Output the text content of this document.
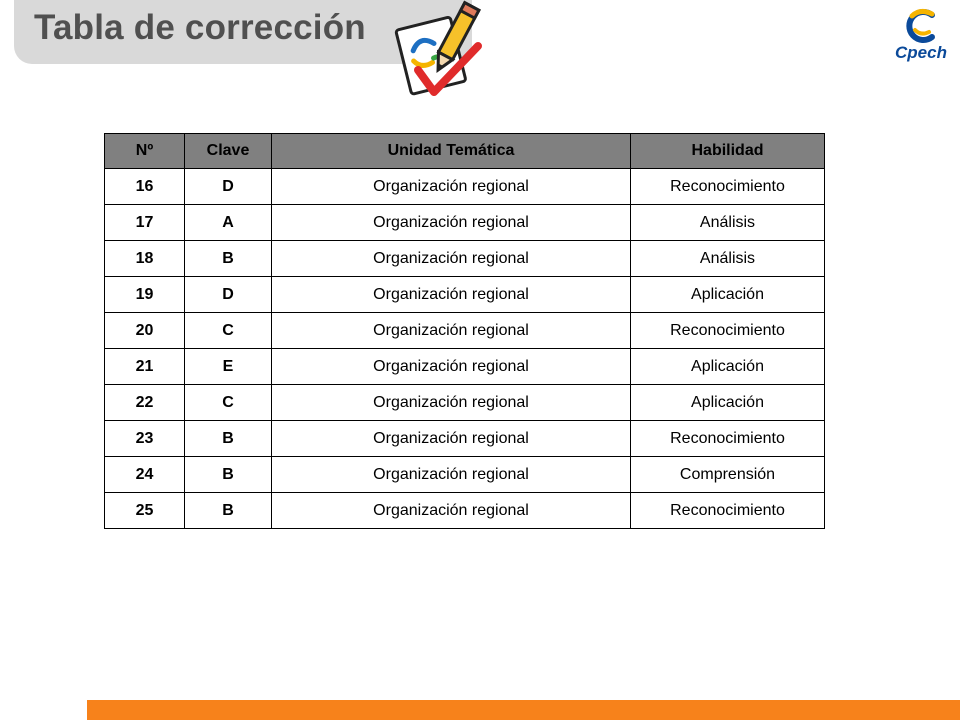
Tabla de corrección
Cpech
Nº	Clave	Unidad Temática	Habilidad
16	D	Organización regional	Reconocimiento
17	A	Organización regional	Análisis
18	B	Organización regional	Análisis
19	D	Organización regional	Aplicación
20	C	Organización regional	Reconocimiento
21	E	Organización regional	Aplicación
22	C	Organización regional	Aplicación
23	B	Organización regional	Reconocimiento
24	B	Organización regional	Comprensión
25	B	Organización regional	Reconocimiento
